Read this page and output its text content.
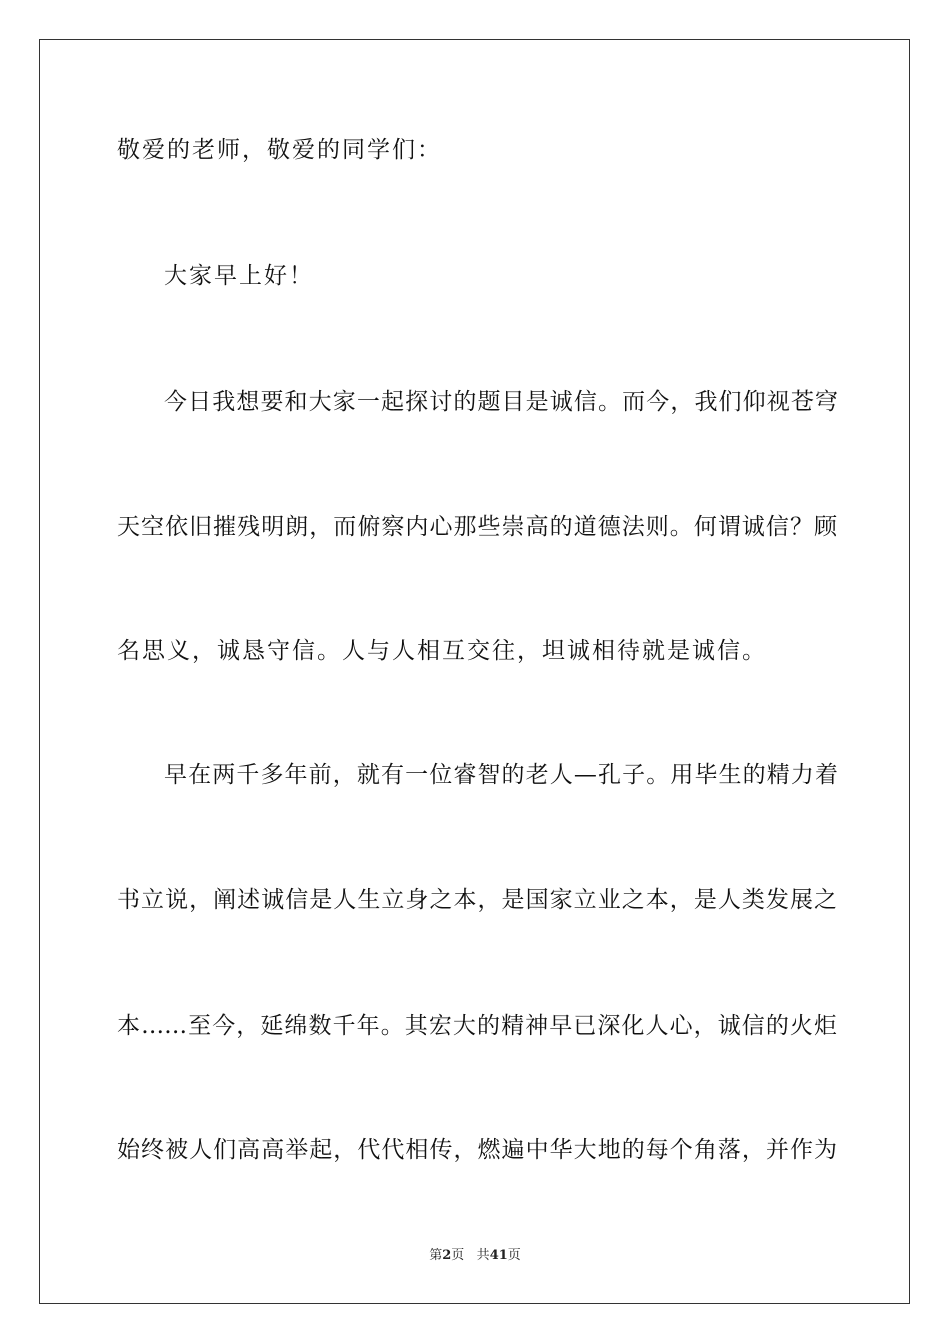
敬爱的老师，敬爱的同学们：
大家早上好！
今日我想要和大家一起探讨的题目是诚信。而今，我们仰视苍穹
天空依旧摧残明朗，而俯察内心那些崇高的道德法则。何谓诚信？顾
名思义，诚恳守信。人与人相互交往，坦诚相待就是诚信。
早在两千多年前，就有一位睿智的老人—孔子。用毕生的精力着
书立说，阐述诚信是人生立身之本，是国家立业之本，是人类发展之
本……至今，延绵数千年。其宏大的精神早已深化人心，诚信的火炬
始终被人们高高举起，代代相传，燃遍中华大地的每个角落，并作为
第2页 共41页
